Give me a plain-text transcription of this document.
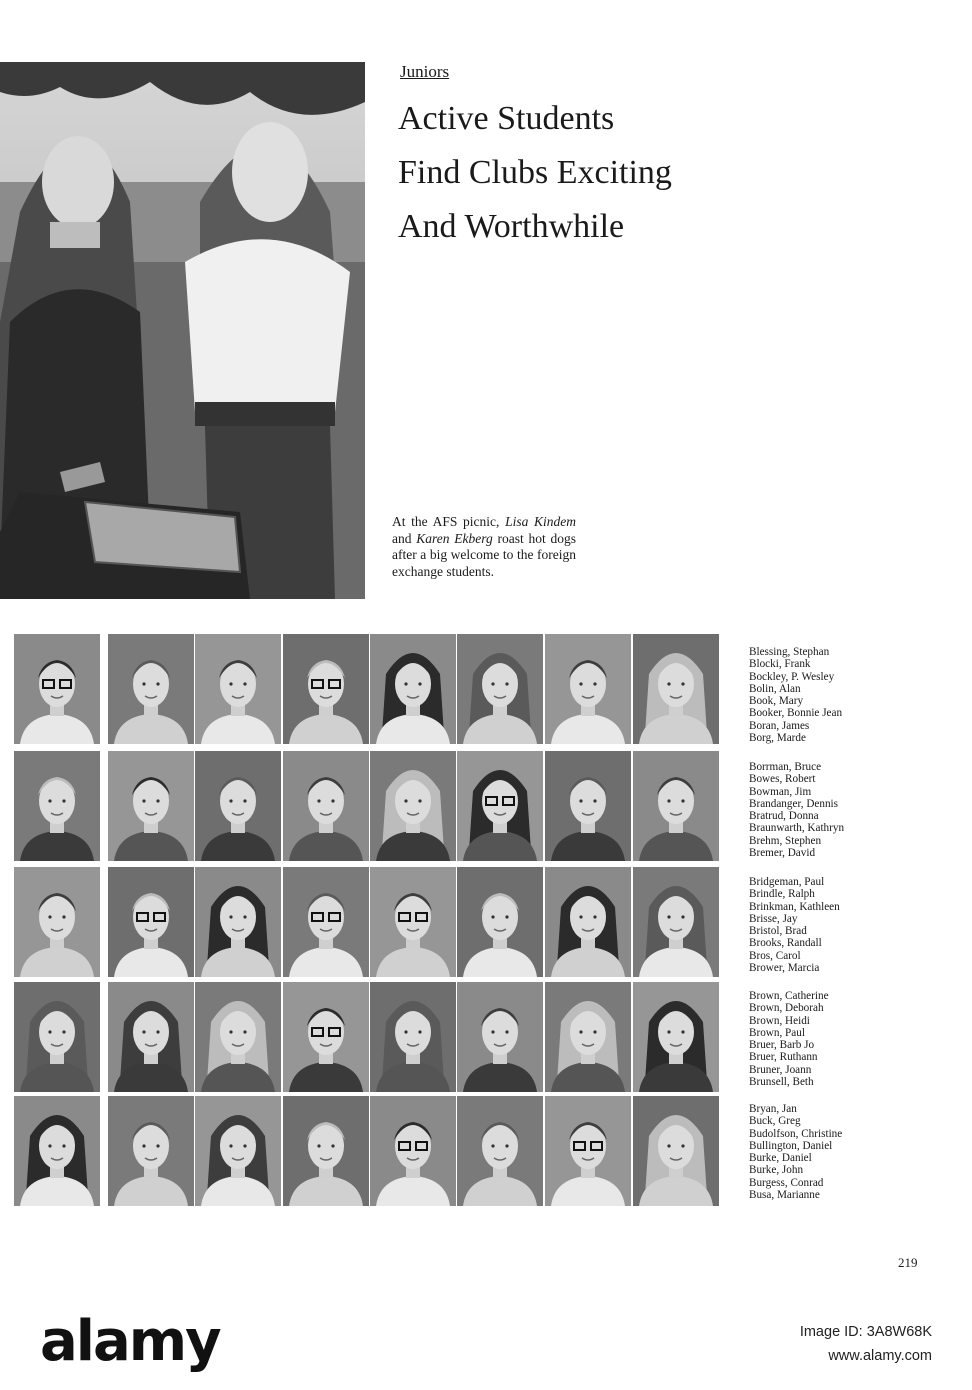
Juniors
Active Students
Find Clubs Exciting
And Worthwhile
At the AFS picnic, Lisa Kindem and Karen Ekberg roast hot dogs after a big welcome to the foreign exchange students.
Blessing, Stephan
Blocki, Frank
Bockley, P. Wesley
Bolin, Alan
Book, Mary
Booker, Bonnie Jean
Boran, James
Borg, Marde
Borrman, Bruce
Bowes, Robert
Bowman, Jim
Brandanger, Dennis
Bratrud, Donna
Braunwarth, Kathryn
Brehm, Stephen
Bremer, David
Bridgeman, Paul
Brindle, Ralph
Brinkman, Kathleen
Brisse, Jay
Bristol, Brad
Brooks, Randall
Bros, Carol
Brower, Marcia
Brown, Catherine
Brown, Deborah
Brown, Heidi
Brown, Paul
Bruer, Barb Jo
Bruer, Ruthann
Bruner, Joann
Brunsell, Beth
Bryan, Jan
Buck, Greg
Budolfson, Christine
Bullington, Daniel
Burke, Daniel
Burke, John
Burgess, Conrad
Busa, Marianne
219
alamy	Image ID: 3A8W68K
www.alamy.com
